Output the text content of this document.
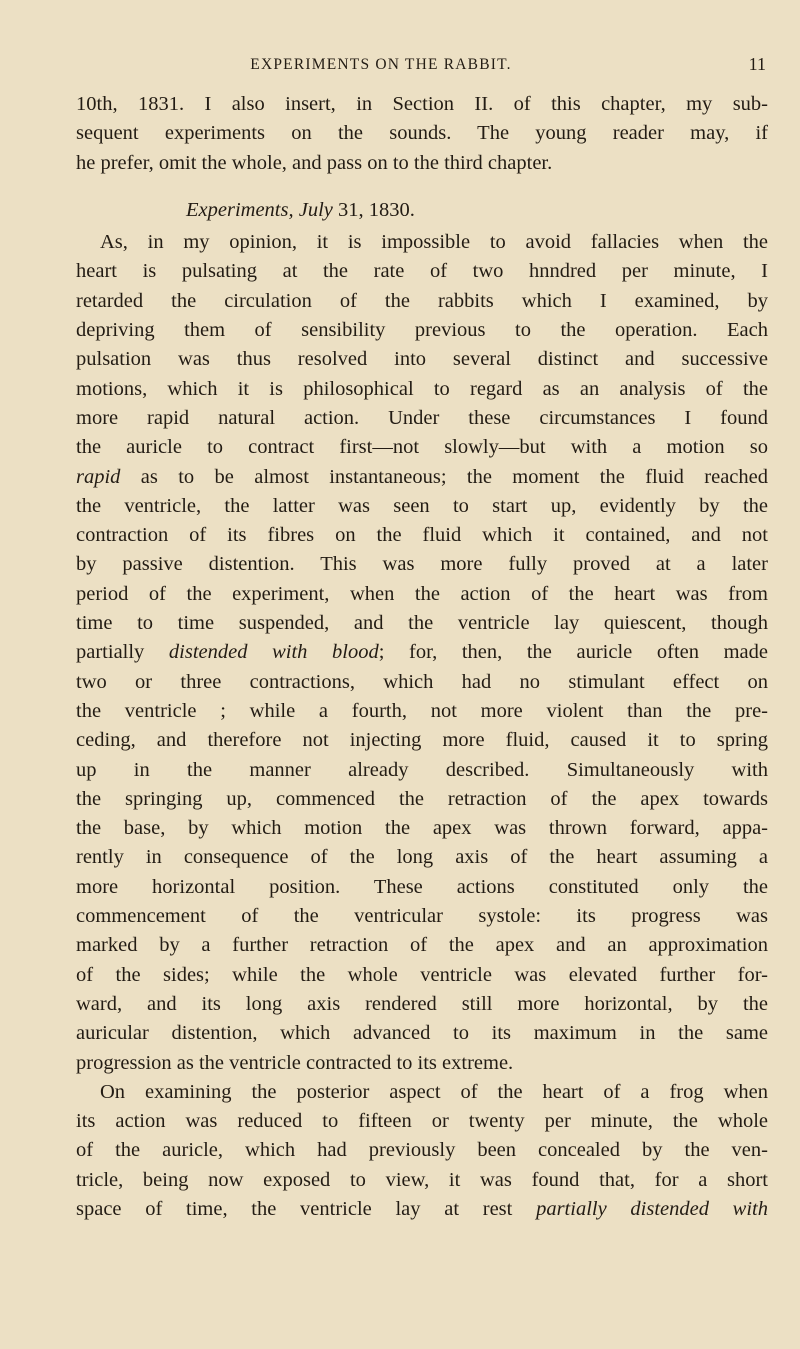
EXPERIMENTS ON THE RABBIT.	11
10th, 1831. I also insert, in Section II. of this chapter, my sub-
sequent experiments on the sounds. The young reader may, if
he prefer, omit the whole, and pass on to the third chapter.
Experiments, July 31, 1830.
As, in my opinion, it is impossible to avoid fallacies when the
heart is pulsating at the rate of two hnndred per minute, I
retarded the circulation of the rabbits which I examined, by
depriving them of sensibility previous to the operation. Each
pulsation was thus resolved into several distinct and successive
motions, which it is philosophical to regard as an analysis of the
more rapid natural action. Under these circumstances I found
the auricle to contract first—not slowly—but with a motion so
rapid as to be almost instantaneous; the moment the fluid reached
the ventricle, the latter was seen to start up, evidently by the
contraction of its fibres on the fluid which it contained, and not
by passive distention. This was more fully proved at a later
period of the experiment, when the action of the heart was from
time to time suspended, and the ventricle lay quiescent, though
partially distended with blood; for, then, the auricle often made
two or three contractions, which had no stimulant effect on
the ventricle ; while a fourth, not more violent than the pre-
ceding, and therefore not injecting more fluid, caused it to spring
up in the manner already described. Simultaneously with
the springing up, commenced the retraction of the apex towards
the base, by which motion the apex was thrown forward, appa-
rently in consequence of the long axis of the heart assuming a
more horizontal position. These actions constituted only the
commencement of the ventricular systole: its progress was
marked by a further retraction of the apex and an approximation
of the sides; while the whole ventricle was elevated further for-
ward, and its long axis rendered still more horizontal, by the
auricular distention, which advanced to its maximum in the same
progression as the ventricle contracted to its extreme.
On examining the posterior aspect of the heart of a frog when
its action was reduced to fifteen or twenty per minute, the whole
of the auricle, which had previously been concealed by the ven-
tricle, being now exposed to view, it was found that, for a short
space of time, the ventricle lay at rest partially distended with
